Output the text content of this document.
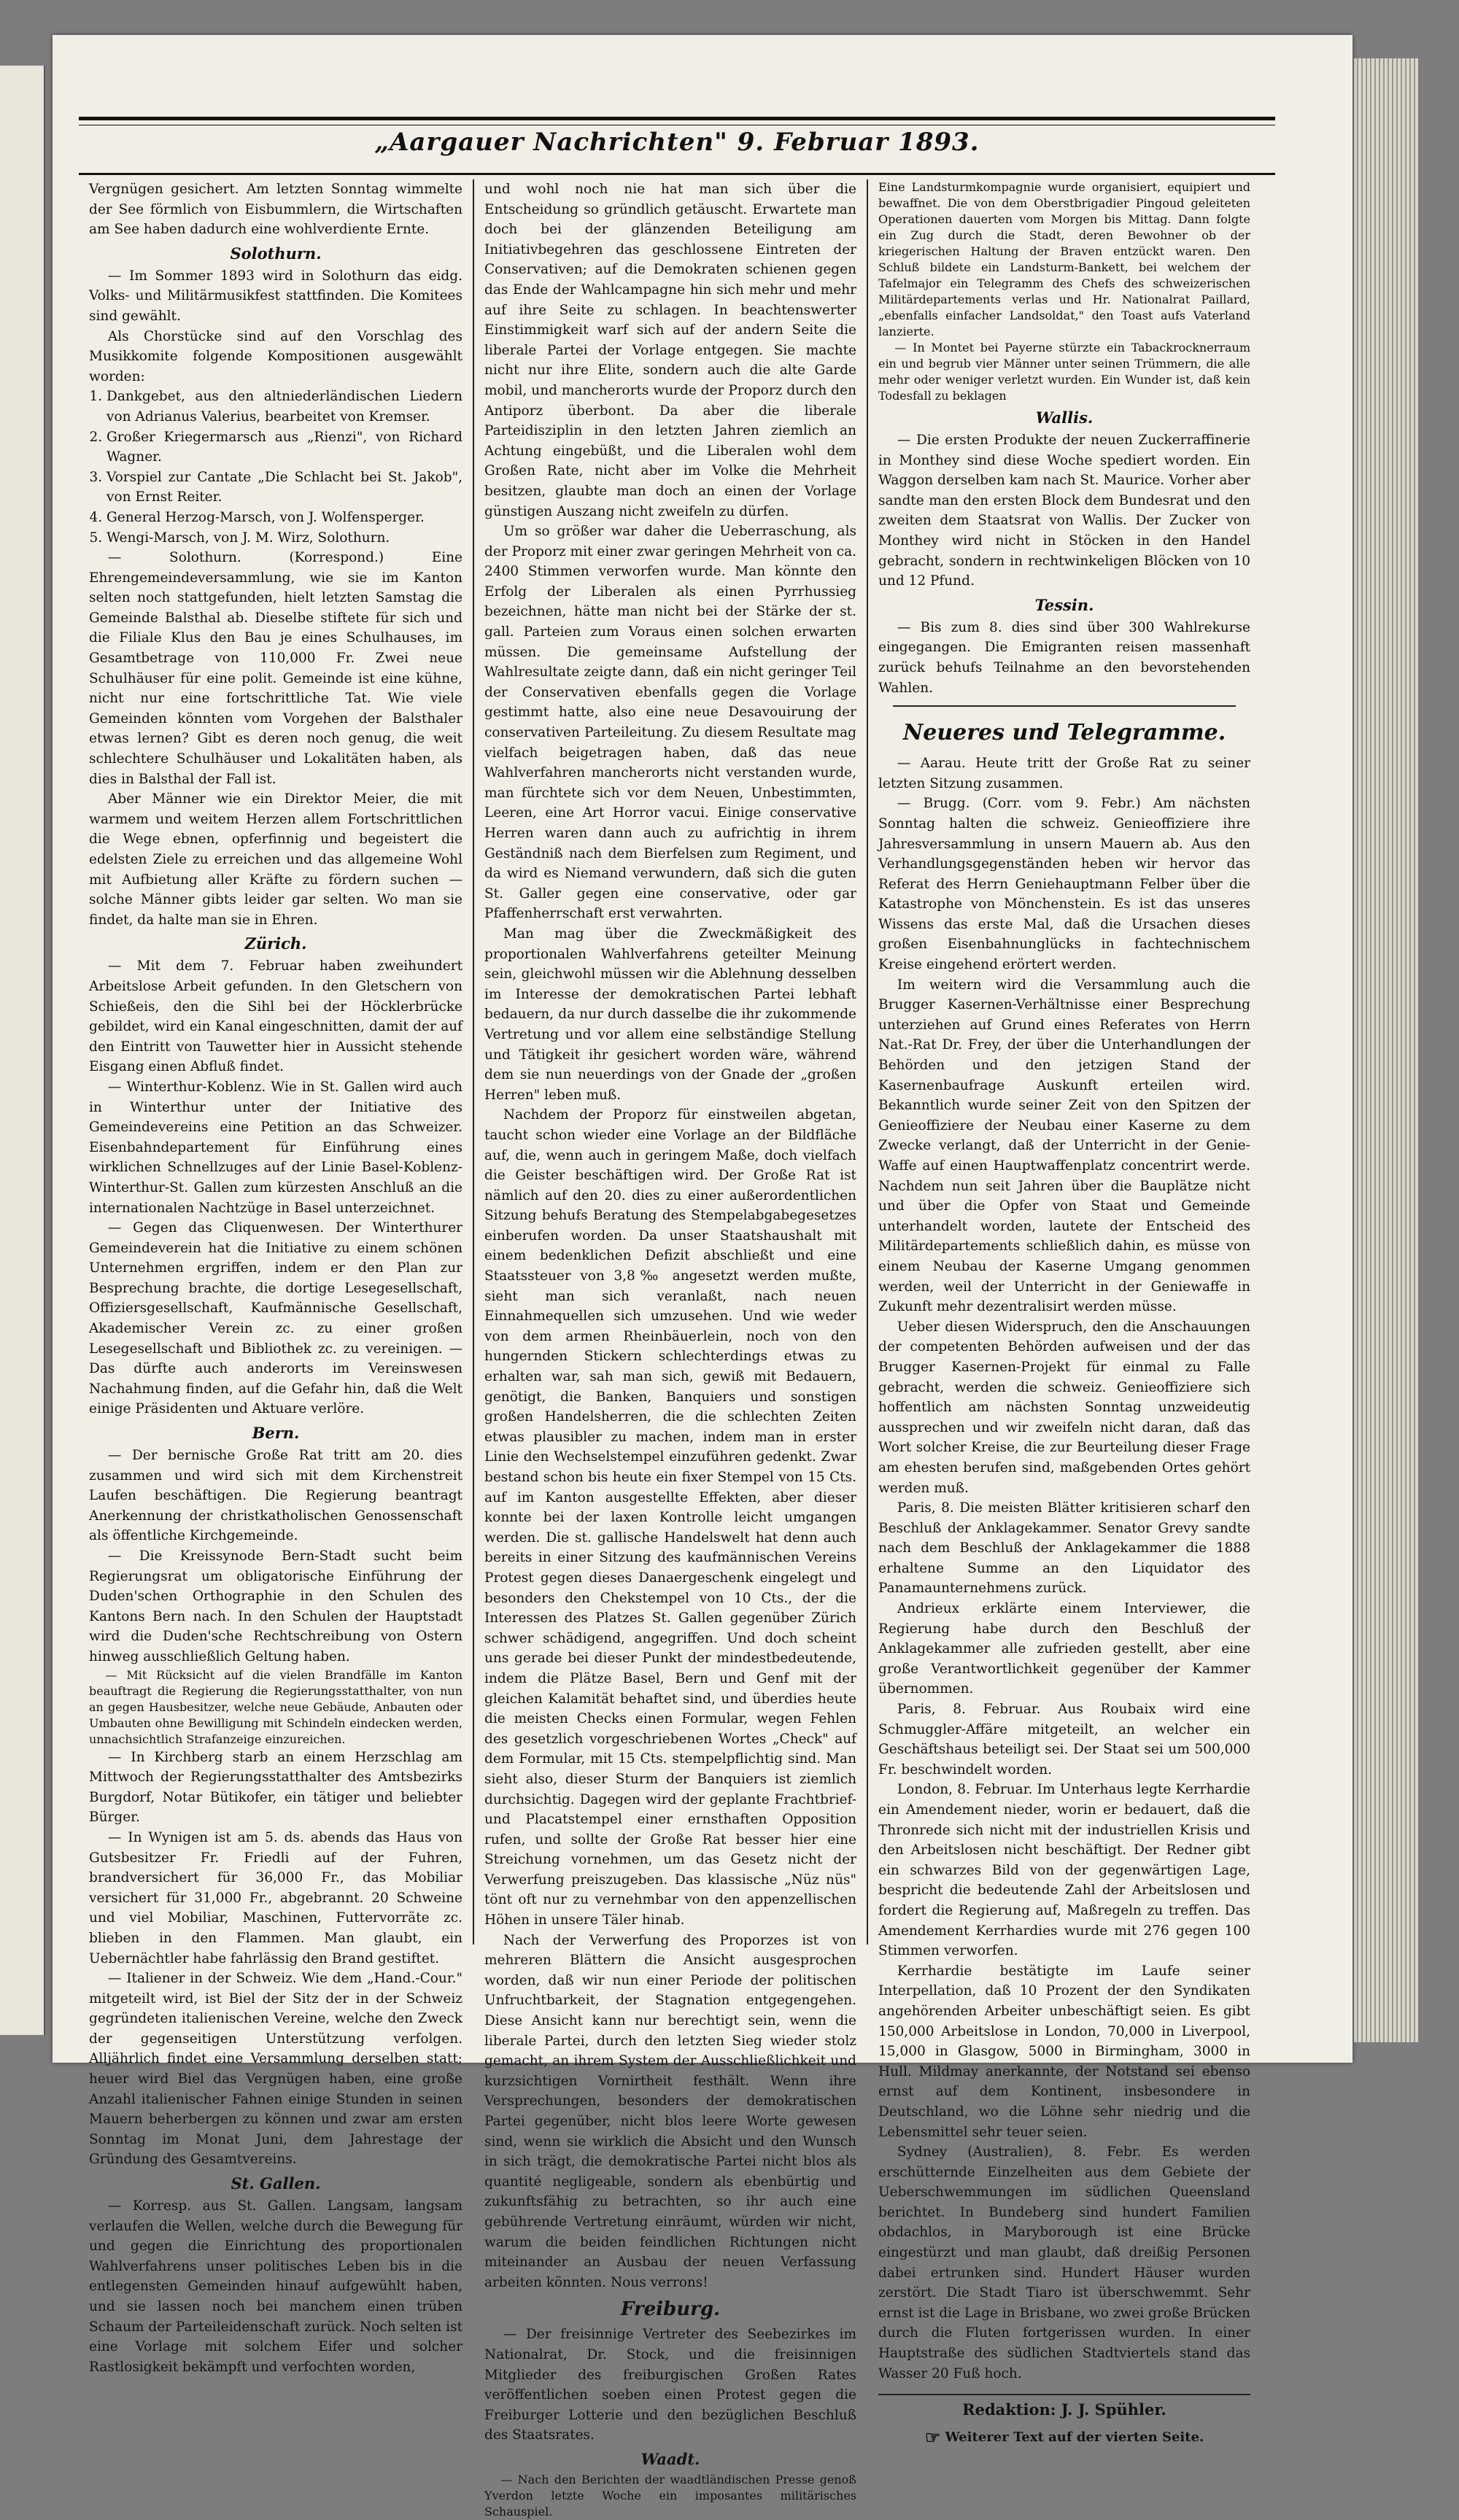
„Aargauer Nachrichten" 9. Februar 1893.

Vergnügen gesichert. Am letzten Sonntag wimmelte der See förmlich von Eisbummlern, die Wirtschaften am See haben dadurch eine wohlverdiente Ernte.

Solothurn.

— Im Sommer 1893 wird in Solothurn das eidg. Volks- und Militärmusikfest stattfinden. Die Komitees sind gewählt.

Als Chorstücke sind auf den Vorschlag des Musikkomite folgende Kompositionen ausgewählt worden:

1. Dankgebet, aus den altniederländischen Liedern von Adrianus Valerius, bearbeitet von Kremser.
2. Großer Kriegermarsch aus „Rienzi", von Richard Wagner.
3. Vorspiel zur Cantate „Die Schlacht bei St. Jakob", von Ernst Reiter.
4. General Herzog-Marsch, von J. Wolfensperger.
5. Wengi-Marsch, von J. M. Wirz, Solothurn.

— Solothurn. (Korrespond.) Eine Ehrengemeindeversammlung, wie sie im Kanton selten noch stattgefunden, hielt letzten Samstag die Gemeinde Balsthal ab. Dieselbe stiftete für sich und die Filiale Klus den Bau je eines Schulhauses, im Gesamtbetrage von 110,000 Fr. Zwei neue Schulhäuser für eine polit. Gemeinde ist eine kühne, nicht nur eine fortschrittliche Tat. Wie viele Gemeinden könnten vom Vorgehen der Balsthaler etwas lernen? Gibt es deren noch genug, die weit schlechtere Schulhäuser und Lokalitäten haben, als dies in Balsthal der Fall ist.

Aber Männer wie ein Direktor Meier, die mit warmem und weitem Herzen allem Fortschrittlichen die Wege ebnen, opferfinnig und begeistert die edelsten Ziele zu erreichen und das allgemeine Wohl mit Aufbietung aller Kräfte zu fördern suchen — solche Männer gibts leider gar selten. Wo man sie findet, da halte man sie in Ehren.

Zürich.

— Mit dem 7. Februar haben zweihundert Arbeitslose Arbeit gefunden. In den Gletschern von Schießeis, den die Sihl bei der Höcklerbrücke gebildet, wird ein Kanal eingeschnitten, damit der auf den Eintritt von Tauwetter hier in Aussicht stehende Eisgang einen Abfluß findet.

— Winterthur-Koblenz. Wie in St. Gallen wird auch in Winterthur unter der Initiative des Gemeindevereins eine Petition an das Schweizer. Eisenbahndepartement für Einführung eines wirklichen Schnellzuges auf der Linie Basel-Koblenz-Winterthur-St. Gallen zum kürzesten Anschluß an die internationalen Nachtzüge in Basel unterzeichnet.

— Gegen das Cliquenwesen. Der Winterthurer Gemeindeverein hat die Initiative zu einem schönen Unternehmen ergriffen, indem er den Plan zur Besprechung brachte, die dortige Lesegesellschaft, Offiziersgesellschaft, Kaufmännische Gesellschaft, Akademischer Verein zc. zu einer großen Lesegesellschaft und Bibliothek zc. zu vereinigen. — Das dürfte auch anderorts im Vereinswesen Nachahmung finden, auf die Gefahr hin, daß die Welt einige Präsidenten und Aktuare verlöre.

Bern.

— Der bernische Große Rat tritt am 20. dies zusammen und wird sich mit dem Kirchenstreit Laufen beschäftigen. Die Regierung beantragt Anerkennung der christkatholischen Genossenschaft als öffentliche Kirchgemeinde.

— Die Kreissynode Bern-Stadt sucht beim Regierungsrat um obligatorische Einführung der Duden'schen Orthographie in den Schulen des Kantons Bern nach. In den Schulen der Hauptstadt wird die Duden'sche Rechtschreibung von Ostern hinweg ausschließlich Geltung haben.

— Mit Rücksicht auf die vielen Brandfälle im Kanton beauftragt die Regierung die Regierungsstatthalter, von nun an gegen Hausbesitzer, welche neue Gebäude, Anbauten oder Umbauten ohne Bewilligung mit Schindeln eindecken werden, unnachsichtlich Strafanzeige einzureichen.

— In Kirchberg starb an einem Herzschlag am Mittwoch der Regierungsstatthalter des Amtsbezirks Burgdorf, Notar Bütikofer, ein tätiger und beliebter Bürger.

— In Wynigen ist am 5. ds. abends das Haus von Gutsbesitzer Fr. Friedli auf der Fuhren, brandversichert für 36,000 Fr., das Mobiliar versichert für 31,000 Fr., abgebrannt. 20 Schweine und viel Mobiliar, Maschinen, Futtervorräte zc. blieben in den Flammen. Man glaubt, ein Uebernächtler habe fahrlässig den Brand gestiftet.

— Italiener in der Schweiz. Wie dem „Hand.-Cour." mitgeteilt wird, ist Biel der Sitz der in der Schweiz gegründeten italienischen Vereine, welche den Zweck der gegenseitigen Unterstützung verfolgen. Alljährlich findet eine Versammlung derselben statt; heuer wird Biel das Vergnügen haben, eine große Anzahl italienischer Fahnen einige Stunden in seinen Mauern beherbergen zu können und zwar am ersten Sonntag im Monat Juni, dem Jahrestage der Gründung des Gesamtvereins.

St. Gallen.

— Korresp. aus St. Gallen. Langsam, langsam verlaufen die Wellen, welche durch die Bewegung für und gegen die Einrichtung des proportionalen Wahlverfahrens unser politisches Leben bis in die entlegensten Gemeinden hinauf aufgewühlt haben, und sie lassen noch bei manchem einen trüben Schaum der Parteileidenschaft zurück. Noch selten ist eine Vorlage mit solchem Eifer und solcher Rastlosigkeit bekämpft und verfochten worden,

und wohl noch nie hat man sich über die Entscheidung so gründlich getäuscht. Erwartete man doch bei der glänzenden Beteiligung am Initiativbegehren das geschlossene Eintreten der Conservativen; auf die Demokraten schienen gegen das Ende der Wahlcampagne hin sich mehr und mehr auf ihre Seite zu schlagen. In beachtenswerter Einstimmigkeit warf sich auf der andern Seite die liberale Partei der Vorlage entgegen. Sie machte nicht nur ihre Elite, sondern auch die alte Garde mobil, und mancherorts wurde der Proporz durch den Antiporz überbont. Da aber die liberale Parteidisziplin in den letzten Jahren ziemlich an Achtung eingebüßt, und die Liberalen wohl dem Großen Rate, nicht aber im Volke die Mehrheit besitzen, glaubte man doch an einen der Vorlage günstigen Auszang nicht zweifeln zu dürfen.

Um so größer war daher die Ueberraschung, als der Proporz mit einer zwar geringen Mehrheit von ca. 2400 Stimmen verworfen wurde. Man könnte den Erfolg der Liberalen als einen Pyrrhussieg bezeichnen, hätte man nicht bei der Stärke der st. gall. Parteien zum Voraus einen solchen erwarten müssen. Die gemeinsame Aufstellung der Wahlresultate zeigte dann, daß ein nicht geringer Teil der Conservativen ebenfalls gegen die Vorlage gestimmt hatte, also eine neue Desavouirung der conservativen Parteileitung. Zu diesem Resultate mag vielfach beigetragen haben, daß das neue Wahlverfahren mancherorts nicht verstanden wurde, man fürchtete sich vor dem Neuen, Unbestimmten, Leeren, eine Art Horror vacui. Einige conservative Herren waren dann auch zu aufrichtig in ihrem Geständniß nach dem Bierfelsen zum Regiment, und da wird es Niemand verwundern, daß sich die guten St. Galler gegen eine conservative, oder gar Pfaffenherrschaft erst verwahrten.

Man mag über die Zweckmäßigkeit des proportionalen Wahlverfahrens geteilter Meinung sein, gleichwohl müssen wir die Ablehnung desselben im Interesse der demokratischen Partei lebhaft bedauern, da nur durch dasselbe die ihr zukommende Vertretung und vor allem eine selbständige Stellung und Tätigkeit ihr gesichert worden wäre, während dem sie nun neuerdings von der Gnade der „großen Herren" leben muß.

Nachdem der Proporz für einstweilen abgetan, taucht schon wieder eine Vorlage an der Bildfläche auf, die, wenn auch in geringem Maße, doch vielfach die Geister beschäftigen wird. Der Große Rat ist nämlich auf den 20. dies zu einer außerordentlichen Sitzung behufs Beratung des Stempelabgabegesetzes einberufen worden. Da unser Staatshaushalt mit einem bedenklichen Defizit abschließt und eine Staatssteuer von 3,8‰ angesetzt werden mußte, sieht man sich veranlaßt, nach neuen Einnahmequellen sich umzusehen. Und wie weder von dem armen Rheinbäuerlein, noch von den hungernden Stickern schlechterdings etwas zu erhalten war, sah man sich, gewiß mit Bedauern, genötigt, die Banken, Banquiers und sonstigen großen Handelsherren, die die schlechten Zeiten etwas plausibler zu machen, indem man in erster Linie den Wechselstempel einzuführen gedenkt. Zwar bestand schon bis heute ein fixer Stempel von 15 Cts. auf im Kanton ausgestellte Effekten, aber dieser konnte bei der laxen Kontrolle leicht umgangen werden. Die st. gallische Handelswelt hat denn auch bereits in einer Sitzung des kaufmännischen Vereins Protest gegen dieses Danaergeschenk eingelegt und besonders den Chekstempel von 10 Cts., der die Interessen des Platzes St. Gallen gegenüber Zürich schwer schädigend, angegriffen. Und doch scheint uns gerade bei dieser Punkt der mindestbedeutende, indem die Plätze Basel, Bern und Genf mit der gleichen Kalamität behaftet sind, und überdies heute die meisten Checks einen Formular, wegen Fehlen des gesetzlich vorgeschriebenen Wortes „Check" auf dem Formular, mit 15 Cts. stempelpflichtig sind. Man sieht also, dieser Sturm der Banquiers ist ziemlich durchsichtig. Dagegen wird der geplante Frachtbrief- und Placatstempel einer ernsthaften Opposition rufen, und sollte der Große Rat besser hier eine Streichung vornehmen, um das Gesetz nicht der Verwerfung preiszugeben. Das klassische „Nüz nüs" tönt oft nur zu vernehmbar von den appenzellischen Höhen in unsere Täler hinab.

Nach der Verwerfung des Proporzes ist von mehreren Blättern die Ansicht ausgesprochen worden, daß wir nun einer Periode der politischen Unfruchtbarkeit, der Stagnation entgegengehen. Diese Ansicht kann nur berechtigt sein, wenn die liberale Partei, durch den letzten Sieg wieder stolz gemacht, an ihrem System der Ausschließlichkeit und kurzsichtigen Vornirtheit festhält. Wenn ihre Versprechungen, besonders der demokratischen Partei gegenüber, nicht blos leere Worte gewesen sind, wenn sie wirklich die Absicht und den Wunsch in sich trägt, die demokratische Partei nicht blos als quantité negligeable, sondern als ebenbürtig und zukunftsfähig zu betrachten, so ihr auch eine gebührende Vertretung einräumt, würden wir nicht, warum die beiden feindlichen Richtungen nicht miteinander an Ausbau der neuen Verfassung arbeiten könnten. Nous verrons!

Freiburg.

— Der freisinnige Vertreter des Seebezirkes im Nationalrat, Dr. Stock, und die freisinnigen Mitglieder des freiburgischen Großen Rates veröffentlichen soeben einen Protest gegen die Freiburger Lotterie und den bezüglichen Beschluß des Staatsrates.

Waadt.

— Nach den Berichten der waadtländischen Presse genoß Yverdon letzte Woche ein imposantes militärisches Schauspiel.

Eine Landsturmkompagnie wurde organisiert, equipiert und bewaffnet. Die von dem Oberstbrigadier Pingoud geleiteten Operationen dauerten vom Morgen bis Mittag. Dann folgte ein Zug durch die Stadt, deren Bewohner ob der kriegerischen Haltung der Braven entzückt waren. Den Schluß bildete ein Landsturm-Bankett, bei welchem der Tafelmajor ein Telegramm des Chefs des schweizerischen Militärdepartements verlas und Hr. Nationalrat Paillard, „ebenfalls einfacher Landsoldat," den Toast aufs Vaterland lanzierte.

— In Montet bei Payerne stürzte ein Tabackrocknerraum ein und begrub vier Männer unter seinen Trümmern, die alle mehr oder weniger verletzt wurden. Ein Wunder ist, daß kein Todesfall zu beklagen

Wallis.

— Die ersten Produkte der neuen Zuckerraffinerie in Monthey sind diese Woche spediert worden. Ein Waggon derselben kam nach St. Maurice. Vorher aber sandte man den ersten Block dem Bundesrat und den zweiten dem Staatsrat von Wallis. Der Zucker von Monthey wird nicht in Stöcken in den Handel gebracht, sondern in rechtwinkeligen Blöcken von 10 und 12 Pfund.

Tessin.

— Bis zum 8. dies sind über 300 Wahlrekurse eingegangen. Die Emigranten reisen massenhaft zurück behufs Teilnahme an den bevorstehenden Wahlen.

Neueres und Telegramme.

— Aarau. Heute tritt der Große Rat zu seiner letzten Sitzung zusammen.

— Brugg. (Corr. vom 9. Febr.) Am nächsten Sonntag halten die schweiz. Genieoffiziere ihre Jahresversammlung in unsern Mauern ab. Aus den Verhandlungsgegenständen heben wir hervor das Referat des Herrn Geniehauptmann Felber über die Katastrophe von Mönchenstein. Es ist das unseres Wissens das erste Mal, daß die Ursachen dieses großen Eisenbahnunglücks in fachtechnischem Kreise eingehend erörtert werden.

Im weitern wird die Versammlung auch die Brugger Kasernen-Verhältnisse einer Besprechung unterziehen auf Grund eines Referates von Herrn Nat.-Rat Dr. Frey, der über die Unterhandlungen der Behörden und den jetzigen Stand der Kasernenbaufrage Auskunft erteilen wird. Bekanntlich wurde seiner Zeit von den Spitzen der Genieoffiziere der Neubau einer Kaserne zu dem Zwecke verlangt, daß der Unterricht in der Genie-Waffe auf einen Hauptwaffenplatz concentrirt werde. Nachdem nun seit Jahren über die Bauplätze nicht und über die Opfer von Staat und Gemeinde unterhandelt worden, lautete der Entscheid des Militärdepartements schließlich dahin, es müsse von einem Neubau der Kaserne Umgang genommen werden, weil der Unterricht in der Geniewaffe in Zukunft mehr dezentralisirt werden müsse.

Ueber diesen Widerspruch, den die Anschauungen der competenten Behörden aufweisen und der das Brugger Kasernen-Projekt für einmal zu Falle gebracht, werden die schweiz. Genieoffiziere sich hoffentlich am nächsten Sonntag unzweideutig aussprechen und wir zweifeln nicht daran, daß das Wort solcher Kreise, die zur Beurteilung dieser Frage am ehesten berufen sind, maßgebenden Ortes gehört werden muß.

Paris, 8. Die meisten Blätter kritisieren scharf den Beschluß der Anklagekammer. Senator Grevy sandte nach dem Beschluß der Anklagekammer die 1888 erhaltene Summe an den Liquidator des Panamaunternehmens zurück.

Andrieux erklärte einem Interviewer, die Regierung habe durch den Beschluß der Anklagekammer alle zufrieden gestellt, aber eine große Verantwortlichkeit gegenüber der Kammer übernommen.

Paris, 8. Februar. Aus Roubaix wird eine Schmuggler-Affäre mitgeteilt, an welcher ein Geschäftshaus beteiligt sei. Der Staat sei um 500,000 Fr. beschwindelt worden.

London, 8. Februar. Im Unterhaus legte Kerrhardie ein Amendement nieder, worin er bedauert, daß die Thronrede sich nicht mit der industriellen Krisis und den Arbeitslosen nicht beschäftigt. Der Redner gibt ein schwarzes Bild von der gegenwärtigen Lage, bespricht die bedeutende Zahl der Arbeitslosen und fordert die Regierung auf, Maßregeln zu treffen. Das Amendement Kerrhardies wurde mit 276 gegen 100 Stimmen verworfen.

Kerrhardie bestätigte im Laufe seiner Interpellation, daß 10 Prozent der den Syndikaten angehörenden Arbeiter unbeschäftigt seien. Es gibt 150,000 Arbeitslose in London, 70,000 in Liverpool, 15,000 in Glasgow, 5000 in Birmingham, 3000 in Hull. Mildmay anerkannte, der Notstand sei ebenso ernst auf dem Kontinent, insbesondere in Deutschland, wo die Löhne sehr niedrig und die Lebensmittel sehr teuer seien.

Sydney (Australien), 8. Febr. Es werden erschütternde Einzelheiten aus dem Gebiete der Ueberschwemmungen im südlichen Queensland berichtet. In Bundeberg sind hundert Familien obdachlos, in Maryborough ist eine Brücke eingestürzt und man glaubt, daß dreißig Personen dabei ertrunken sind. Hundert Häuser wurden zerstört. Die Stadt Tiaro ist überschwemmt. Sehr ernst ist die Lage in Brisbane, wo zwei große Brücken durch die Fluten fortgerissen wurden. In einer Hauptstraße des südlichen Stadtviertels stand das Wasser 20 Fuß hoch.

Redaktion: J. J. Spühler.
☞ Weiterer Text auf der vierten Seite.
